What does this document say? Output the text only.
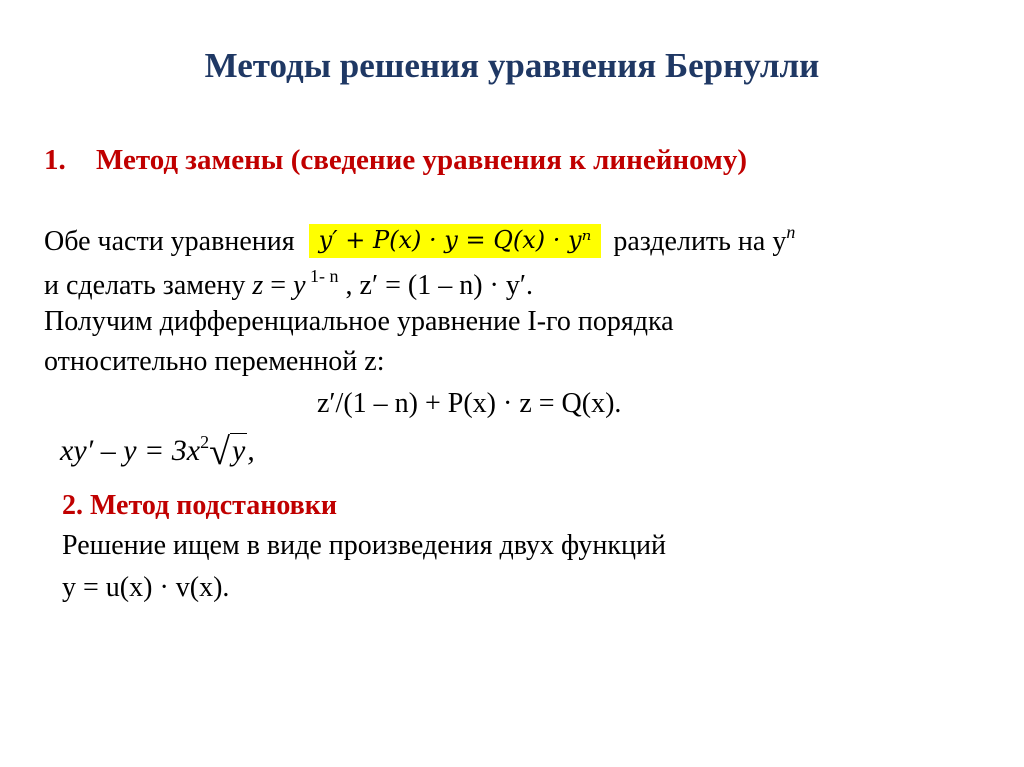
Методы решения уравнения Бернулли
1. Метод замены (сведение уравнения к линейному)
Обе части уравнения y′ + P(x) · y = Q(x) · yⁿ разделить на $y^n$
и сделать замену z = y $^{1- n}$ , z′ = (1 – n) · y′.
Получим дифференциальное уравнение I-го порядка
относительно переменной z:
z′/(1 – n) + P(x) · z = Q(x).
$xy' - y = 3x^2√y$,
2. Метод подстановки
Решение ищем в виде произведения двух функций
y = u(x) · v(x).
